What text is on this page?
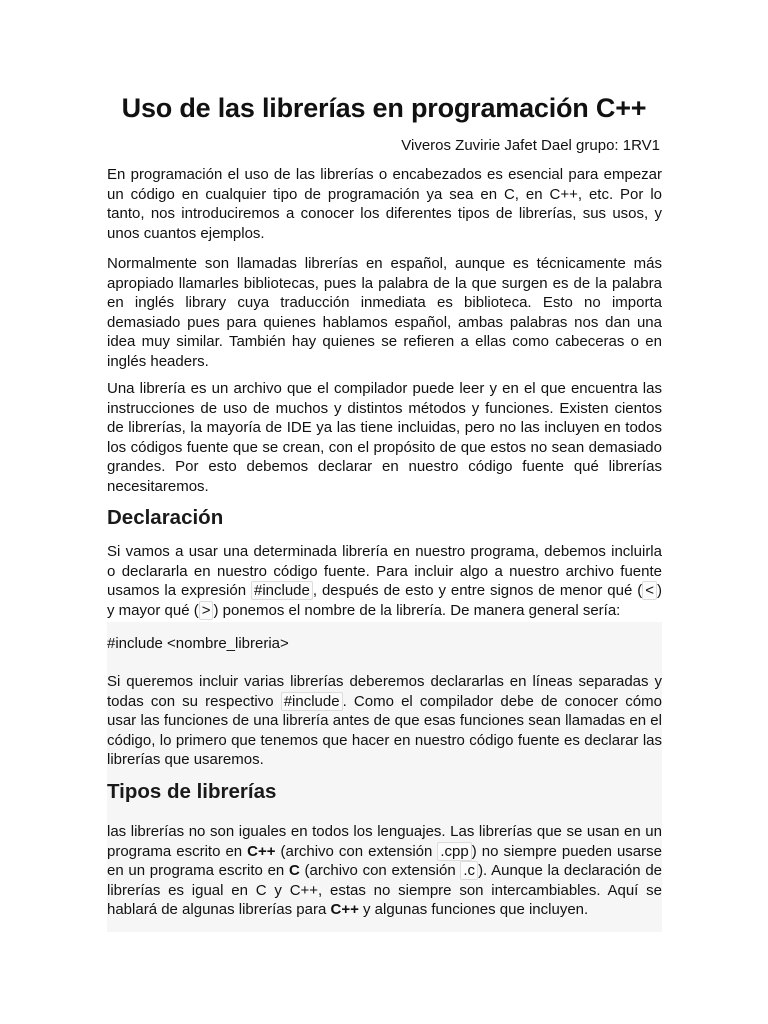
Uso de las librerías en programación C++
Viveros Zuvirie Jafet Dael grupo: 1RV1

En programación el uso de las librerías o encabezados es esencial para empezar un código en cualquier tipo de programación ya sea en C, en C++, etc. Por lo tanto, nos introduciremos a conocer los diferentes tipos de librerías, sus usos, y unos cuantos ejemplos.

Normalmente son llamadas librerías en español, aunque es técnicamente más apropiado llamarles bibliotecas, pues la palabra de la que surgen es de la palabra en inglés library cuya traducción inmediata es biblioteca. Esto no importa demasiado pues para quienes hablamos español, ambas palabras nos dan una idea muy similar. También hay quienes se refieren a ellas como cabeceras o en inglés headers.

Una librería es un archivo que el compilador puede leer y en el que encuentra las instrucciones de uso de muchos y distintos métodos y funciones. Existen cientos de librerías, la mayoría de IDE ya las tiene incluidas, pero no las incluyen en todos los códigos fuente que se crean, con el propósito de que estos no sean demasiado grandes. Por esto debemos declarar en nuestro código fuente qué librerías necesitaremos.

Declaración

Si vamos a usar una determinada librería en nuestro programa, debemos incluirla o declararla en nuestro código fuente. Para incluir algo a nuestro archivo fuente usamos la expresión #include , después de esto y entre signos de menor qué ( < ) y mayor qué ( > ) ponemos el nombre de la librería. De manera general sería:

#include <nombre_libreria>

Si queremos incluir varias librerías deberemos declararlas en líneas separadas y todas con su respectivo #include . Como el compilador debe de conocer cómo usar las funciones de una librería antes de que esas funciones sean llamadas en el código, lo primero que tenemos que hacer en nuestro código fuente es declarar las librerías que usaremos.

Tipos de librerías

las librerías no son iguales en todos los lenguajes. Las librerías que se usan en un programa escrito en C++ (archivo con extensión .cpp ) no siempre pueden usarse en un programa escrito en C (archivo con extensión .c ). Aunque la declaración de librerías es igual en C y C++, estas no siempre son intercambiables. Aquí se hablará de algunas librerías para C++ y algunas funciones que incluyen.
